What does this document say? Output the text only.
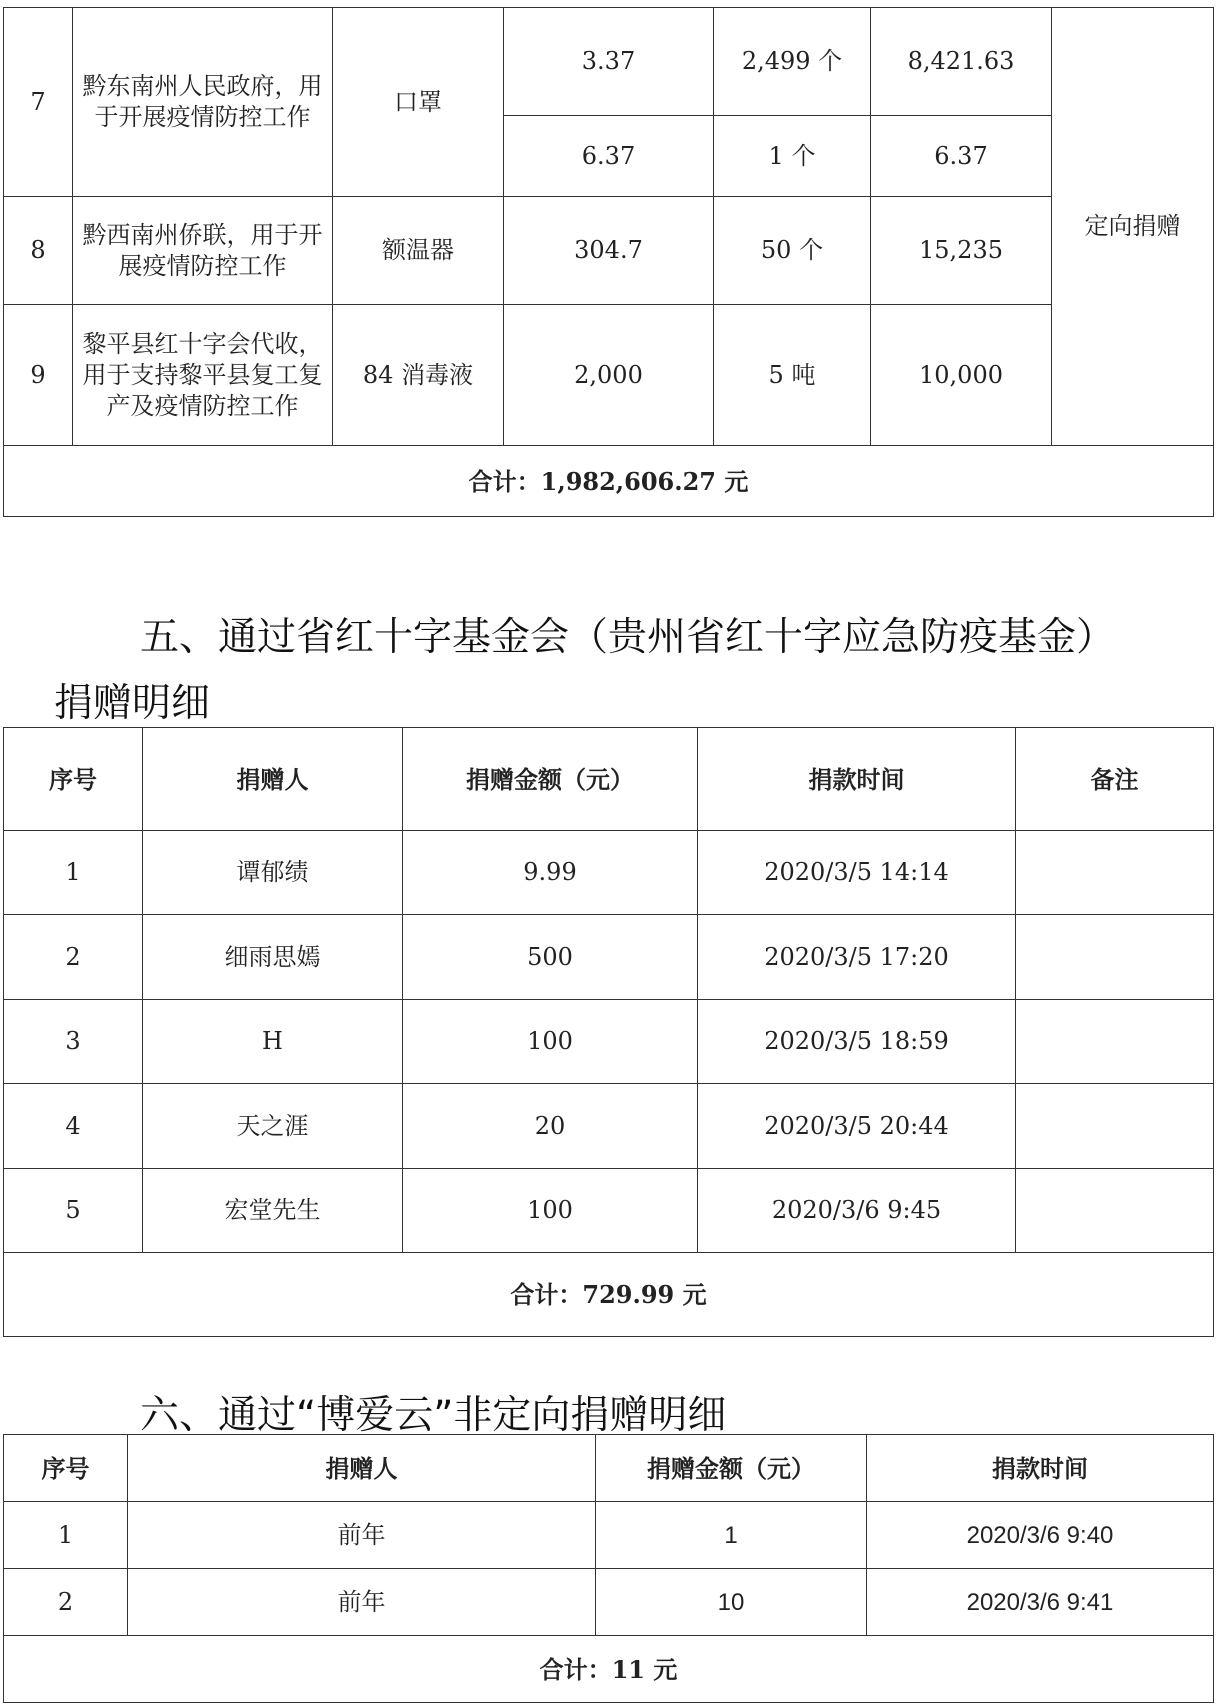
7	黔东南州人民政府，用于开展疫情防控工作	口罩	3.37	2,499 个	8,421.63	定向捐赠
			6.37	1 个	6.37	
8	黔西南州侨联，用于开展疫情防控工作	额温器	304.7	50 个	15,235	
9	黎平县红十字会代收，用于支持黎平县复工复产及疫情防控工作	84 消毒液	2,000	5 吨	10,000	
合计：1,982,606.27 元						
五、通过省红十字基金会（贵州省红十字应急防疫基金）
捐赠明细
序号	捐赠人	捐赠金额（元）	捐款时间	备注
1	谭郁绩	9.99	2020/3/5 14:14	
2	细雨思嫣	500	2020/3/5 17:20	
3	H	100	2020/3/5 18:59	
4	天之涯	20	2020/3/5 20:44	
5	宏堂先生	100	2020/3/6 9:45	
合计：729.99 元				
六、通过“博爱云”非定向捐赠明细
序号	捐赠人	捐赠金额（元）	捐款时间
1	前年	1	2020/3/6 9:40
2	前年	10	2020/3/6 9:41
合计：11 元			
